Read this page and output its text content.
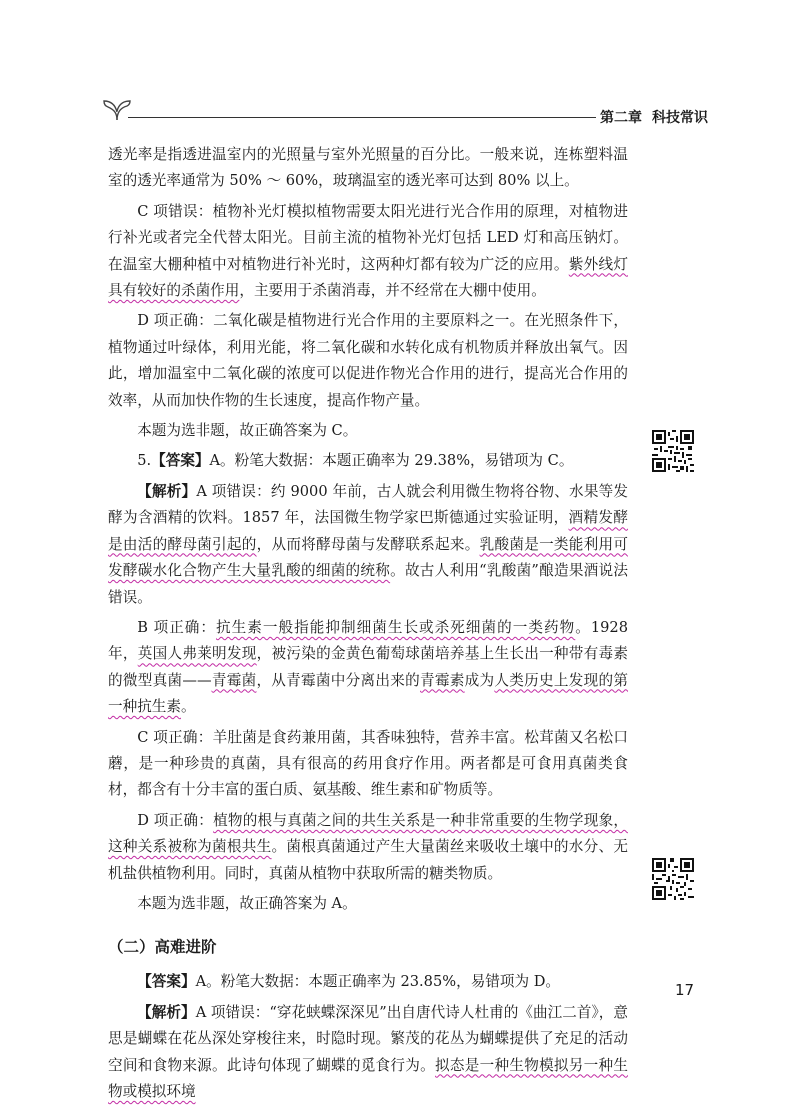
第二章 科技常识

透光率是指透进温室内的光照量与室外光照量的百分比。一般来说，连栋塑料温室的透光率通常为 50% ～ 60%，玻璃温室的透光率可达到 80% 以上。

C 项错误：植物补光灯模拟植物需要太阳光进行光合作用的原理，对植物进行补光或者完全代替太阳光。目前主流的植物补光灯包括 LED 灯和高压钠灯。在温室大棚种植中对植物进行补光时，这两种灯都有较为广泛的应用。紫外线灯具有较好的杀菌作用，主要用于杀菌消毒，并不经常在大棚中使用。

D 项正确：二氧化碳是植物进行光合作用的主要原料之一。在光照条件下，植物通过叶绿体，利用光能，将二氧化碳和水转化成有机物质并释放出氧气。因此，增加温室中二氧化碳的浓度可以促进作物光合作用的进行，提高光合作用的效率，从而加快作物的生长速度，提高作物产量。

本题为选非题，故正确答案为 C。

5.【答案】A。粉笔大数据：本题正确率为 29.38%，易错项为 C。

【解析】A 项错误：约 9000 年前，古人就会利用微生物将谷物、水果等发酵为含酒精的饮料。1857 年，法国微生物学家巴斯德通过实验证明，酒精发酵是由活的酵母菌引起的，从而将酵母菌与发酵联系起来。乳酸菌是一类能利用可发酵碳水化合物产生大量乳酸的细菌的统称。故古人利用“乳酸菌”酿造果酒说法错误。

B 项正确：抗生素一般指能抑制细菌生长或杀死细菌的一类药物。1928 年，英国人弗莱明发现，被污染的金黄色葡萄球菌培养基上生长出一种带有毒素的微型真菌——青霉菌，从青霉菌中分离出来的青霉素成为人类历史上发现的第一种抗生素。

C 项正确：羊肚菌是食药兼用菌，其香味独特，营养丰富。松茸菌又名松口蘑，是一种珍贵的真菌，具有很高的药用食疗作用。两者都是可食用真菌类食材，都含有十分丰富的蛋白质、氨基酸、维生素和矿物质等。

D 项正确：植物的根与真菌之间的共生关系是一种非常重要的生物学现象，这种关系被称为菌根共生。菌根真菌通过产生大量菌丝来吸收土壤中的水分、无机盐供植物利用。同时，真菌从植物中获取所需的糖类物质。

本题为选非题，故正确答案为 A。

（二）高难进阶

【答案】A。粉笔大数据：本题正确率为 23.85%，易错项为 D。

【解析】A 项错误：“穿花蛱蝶深深见”出自唐代诗人杜甫的《曲江二首》，意思是蝴蝶在花丛深处穿梭往来，时隐时现。繁茂的花丛为蝴蝶提供了充足的活动空间和食物来源。此诗句体现了蝴蝶的觅食行为。拟态是一种生物模拟另一种生物或模拟环境

17
